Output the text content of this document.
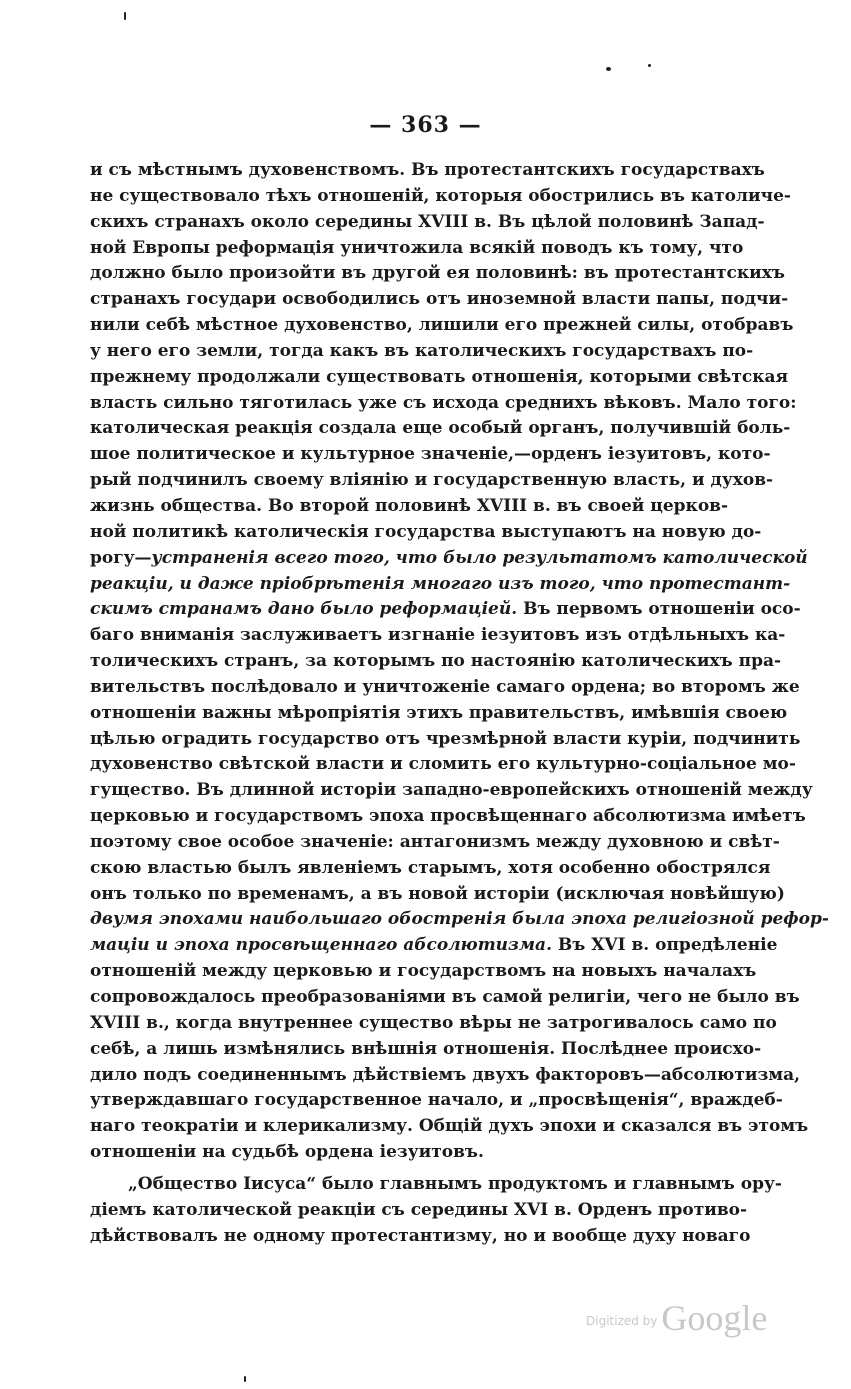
— 363 —
и съ мѣстнымъ духовенствомъ. Въ протестантскихъ государствахъ
не существовало тѣхъ отношеній, которыя обострились въ католиче-
скихъ странахъ около середины XVIII в. Въ цѣлой половинѣ Запад-
ной Европы реформація уничтожила всякій поводъ къ тому, что
должно было произойти въ другой ея половинѣ: въ протестантскихъ
странахъ государи освободились отъ иноземной власти папы, подчи-
нили себѣ мѣстное духовенство, лишили его прежней силы, отобравъ
у него его земли, тогда какъ въ католическихъ государствахъ по-
прежнему продолжали существовать отношенія, которыми свѣтская
власть сильно тяготилась уже съ исхода среднихъ вѣковъ. Мало того:
католическая реакція создала еще особый органъ, получившій боль-
шое политическое и культурное значеніе,—орденъ іезуитовъ, кото-
рый подчинилъ своему вліянію и государственную власть, и духов-
жизнь общества. Во второй половинѣ XVIII в. въ своей церков-
ной политикѣ католическія государства выступаютъ на новую до-
рогу—устраненія всего того, что было результатомъ католической
реакціи, и даже пріобрѣтенія многаго изъ того, что протестант-
скимъ странамъ дано было реформаціей. Въ первомъ отношеніи осо-
баго вниманія заслуживаетъ изгнаніе іезуитовъ изъ отдѣльныхъ ка-
толическихъ странъ, за которымъ по настоянію католическихъ пра-
вительствъ послѣдовало и уничтоженіе самаго ордена; во второмъ же
отношеніи важны мѣропріятія этихъ правительствъ, имѣвшія своею
цѣлью оградить государство отъ чрезмѣрной власти куріи, подчинить
духовенство свѣтской власти и сломить его культурно-соціальное мо-
гущество. Въ длинной исторіи западно-европейскихъ отношеній между
церковью и государствомъ эпоха просвѣщеннаго абсолютизма имѣетъ
поэтому свое особое значеніе: антагонизмъ между духовною и свѣт-
скою властью былъ явленіемъ старымъ, хотя особенно обострялся
онъ только по временамъ, а въ новой исторіи (исключая новѣйшую)
двумя эпохами наибольшаго обостренія была эпоха религіозной рефор-
маціи и эпоха просвѣщеннаго абсолютизма. Въ XVI в. опредѣленіе
отношеній между церковью и государствомъ на новыхъ началахъ
сопровождалось преобразованіями въ самой религіи, чего не было въ
XVIII в., когда внутреннее существо вѣры не затрогивалось само по
себѣ, а лишь измѣнялись внѣшнія отношенія. Послѣднее происхо-
дило подъ соединеннымъ дѣйствіемъ двухъ факторовъ—абсолютизма,
утверждавшаго государственное начало, и „просвѣщенія“, враждеб-
наго теократіи и клерикализму. Общій духъ эпохи и сказался въ этомъ
отношеніи на судьбѣ ордена іезуитовъ.
„Общество Іисуса“ было главнымъ продуктомъ и главнымъ ору-
діемъ католической реакціи съ середины XVI в. Орденъ противо-
дѣйствовалъ не одному протестантизму, но и вообще духу новаго
Digitized by Google
